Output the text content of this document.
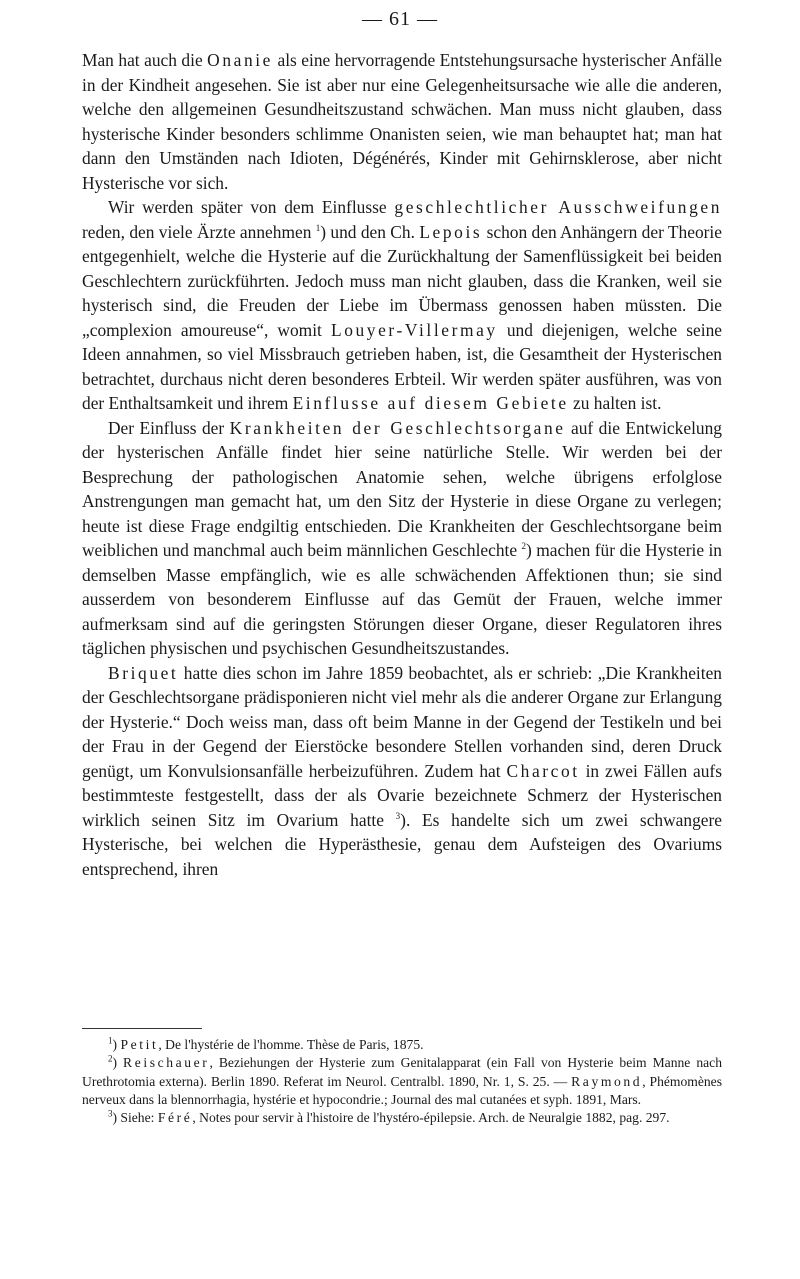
— 61 —

Man hat auch die Onanie als eine hervorragende Entstehungsursache hysterischer Anfälle in der Kindheit angesehen. Sie ist aber nur eine Gelegenheitsursache wie alle die anderen, welche den allgemeinen Gesundheitszustand schwächen. Man muss nicht glauben, dass hysterische Kinder besonders schlimme Onanisten seien, wie man behauptet hat; man hat dann den Umständen nach Idioten, Dégénérés, Kinder mit Gehirnsklerose, aber nicht Hysterische vor sich.

Wir werden später von dem Einflusse geschlechtlicher Ausschweifungen reden, den viele Ärzte annehmen $^1$) und den Ch. Lepois schon den Anhängern der Theorie entgegenhielt, welche die Hysterie auf die Zurückhaltung der Samenflüssigkeit bei beiden Geschlechtern zurückführten. Jedoch muss man nicht glauben, dass die Kranken, weil sie hysterisch sind, die Freuden der Liebe im Übermass genossen haben müssten. Die „complexion amoureuse“, womit Louyer-Villermay und diejenigen, welche seine Ideen annahmen, so viel Missbrauch getrieben haben, ist, die Gesamtheit der Hysterischen betrachtet, durchaus nicht deren besonderes Erbteil. Wir werden später ausführen, was von der Enthaltsamkeit und ihrem Einflusse auf diesem Gebiete zu halten ist.

Der Einfluss der Krankheiten der Geschlechtsorgane auf die Entwickelung der hysterischen Anfälle findet hier seine natürliche Stelle. Wir werden bei der Besprechung der pathologischen Anatomie sehen, welche übrigens erfolglose Anstrengungen man gemacht hat, um den Sitz der Hysterie in diese Organe zu verlegen; heute ist diese Frage endgiltig entschieden. Die Krankheiten der Geschlechtsorgane beim weiblichen und manchmal auch beim männlichen Geschlechte $^2$) machen für die Hysterie in demselben Masse empfänglich, wie es alle schwächenden Affektionen thun; sie sind ausserdem von besonderem Einflusse auf das Gemüt der Frauen, welche immer aufmerksam sind auf die geringsten Störungen dieser Organe, dieser Regulatoren ihres täglichen physischen und psychischen Gesundheitszustandes.

Briquet hatte dies schon im Jahre 1859 beobachtet, als er schrieb: „Die Krankheiten der Geschlechtsorgane prädisponieren nicht viel mehr als die anderer Organe zur Erlangung der Hysterie.“ Doch weiss man, dass oft beim Manne in der Gegend der Testikeln und bei der Frau in der Gegend der Eierstöcke besondere Stellen vorhanden sind, deren Druck genügt, um Konvulsionsanfälle herbeizuführen. Zudem hat Charcot in zwei Fällen aufs bestimmteste festgestellt, dass der als Ovarie bezeichnete Schmerz der Hysterischen wirklich seinen Sitz im Ovarium hatte $^3$). Es handelte sich um zwei schwangere Hysterische, bei welchen die Hyperästhesie, genau dem Aufsteigen des Ovariums entsprechend, ihren

$^1$) Petit, De l'hystérie de l'homme. Thèse de Paris, 1875.

$^2$) Reischauer, Beziehungen der Hysterie zum Genitalapparat (ein Fall von Hysterie beim Manne nach Urethrotomia externa). Berlin 1890. Referat im Neurol. Centralbl. 1890, Nr. 1, S. 25. — Raymond, Phémomènes nerveux dans la blennorrhagia, hystérie et hypocondrie.; Journal des mal cutanées et syph. 1891, Mars.

$^3$) Siehe: Féré, Notes pour servir à l'histoire de l'hystéro-épilepsie. Arch. de Neuralgie 1882, pag. 297.
